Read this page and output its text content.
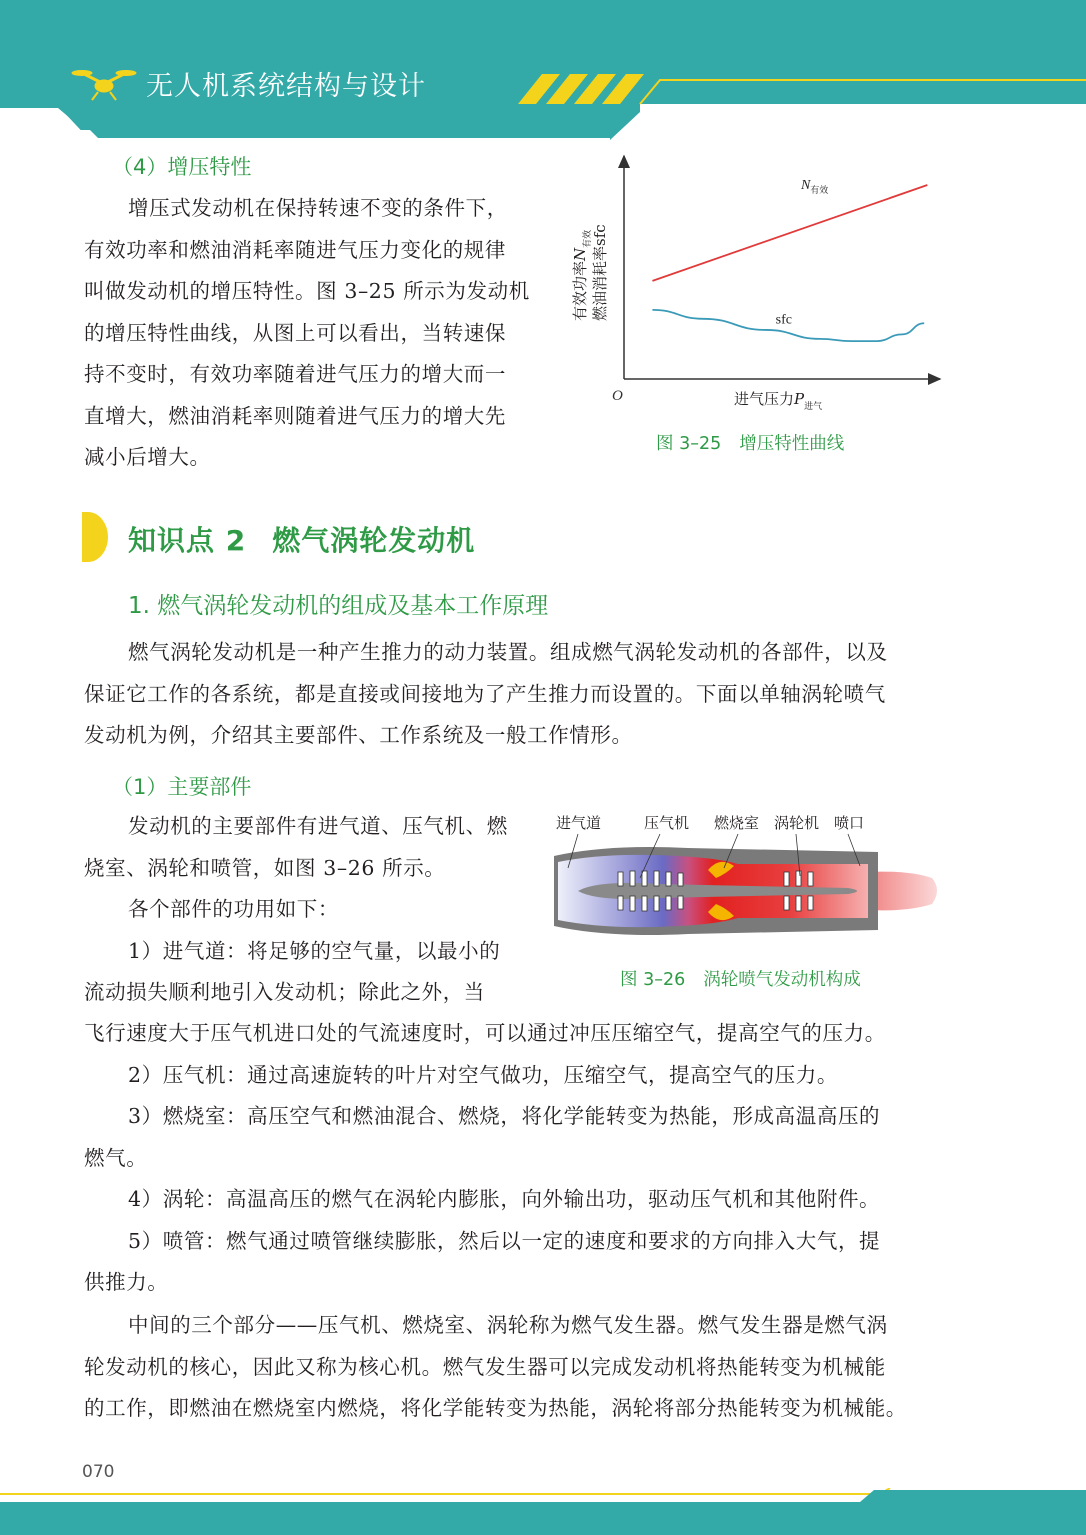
无人机系统结构与设计
（4）增压特性
增压式发动机在保持转速不变的条件下，
有效功率和燃油消耗率随进气压力变化的规律
叫做发动机的增压特性。图 3–25 所示为发动机
的增压特性曲线，从图上可以看出，当转速保
持不变时，有效功率随着进气压力的增大而一
直增大，燃油消耗率则随着进气压力的增大先
减小后增大。
O	进气压力$P_{进气}$
有效功率$N_{有效}$
燃油消耗率sfc
$N_{有效}$
sfc
图 3–25 增压特性曲线
知识点 2 燃气涡轮发动机
1. 燃气涡轮发动机的组成及基本工作原理
燃气涡轮发动机是一种产生推力的动力装置。组成燃气涡轮发动机的各部件，以及
保证它工作的各系统，都是直接或间接地为了产生推力而设置的。下面以单轴涡轮喷气
发动机为例，介绍其主要部件、工作系统及一般工作情形。
（1）主要部件
发动机的主要部件有进气道、压气机、燃
烧室、涡轮和喷管，如图 3–26 所示。
各个部件的功用如下：
1）进气道：将足够的空气量，以最小的
流动损失顺利地引入发动机；除此之外，当
飞行速度大于压气机进口处的气流速度时，可以通过冲压压缩空气，提高空气的压力。
2）压气机：通过高速旋转的叶片对空气做功，压缩空气，提高空气的压力。
3）燃烧室：高压空气和燃油混合、燃烧，将化学能转变为热能，形成高温高压的
燃气。
4）涡轮：高温高压的燃气在涡轮内膨胀，向外输出功，驱动压气机和其他附件。
5）喷管：燃气通过喷管继续膨胀，然后以一定的速度和要求的方向排入大气，提
供推力。
中间的三个部分——压气机、燃烧室、涡轮称为燃气发生器。燃气发生器是燃气涡
轮发动机的核心，因此又称为核心机。燃气发生器可以完成发动机将热能转变为机械能
的工作，即燃油在燃烧室内燃烧，将化学能转变为热能，涡轮将部分热能转变为机械能。
进气道	压气机 燃烧室 涡轮机 喷口
图 3–26 涡轮喷气发动机构成
070
